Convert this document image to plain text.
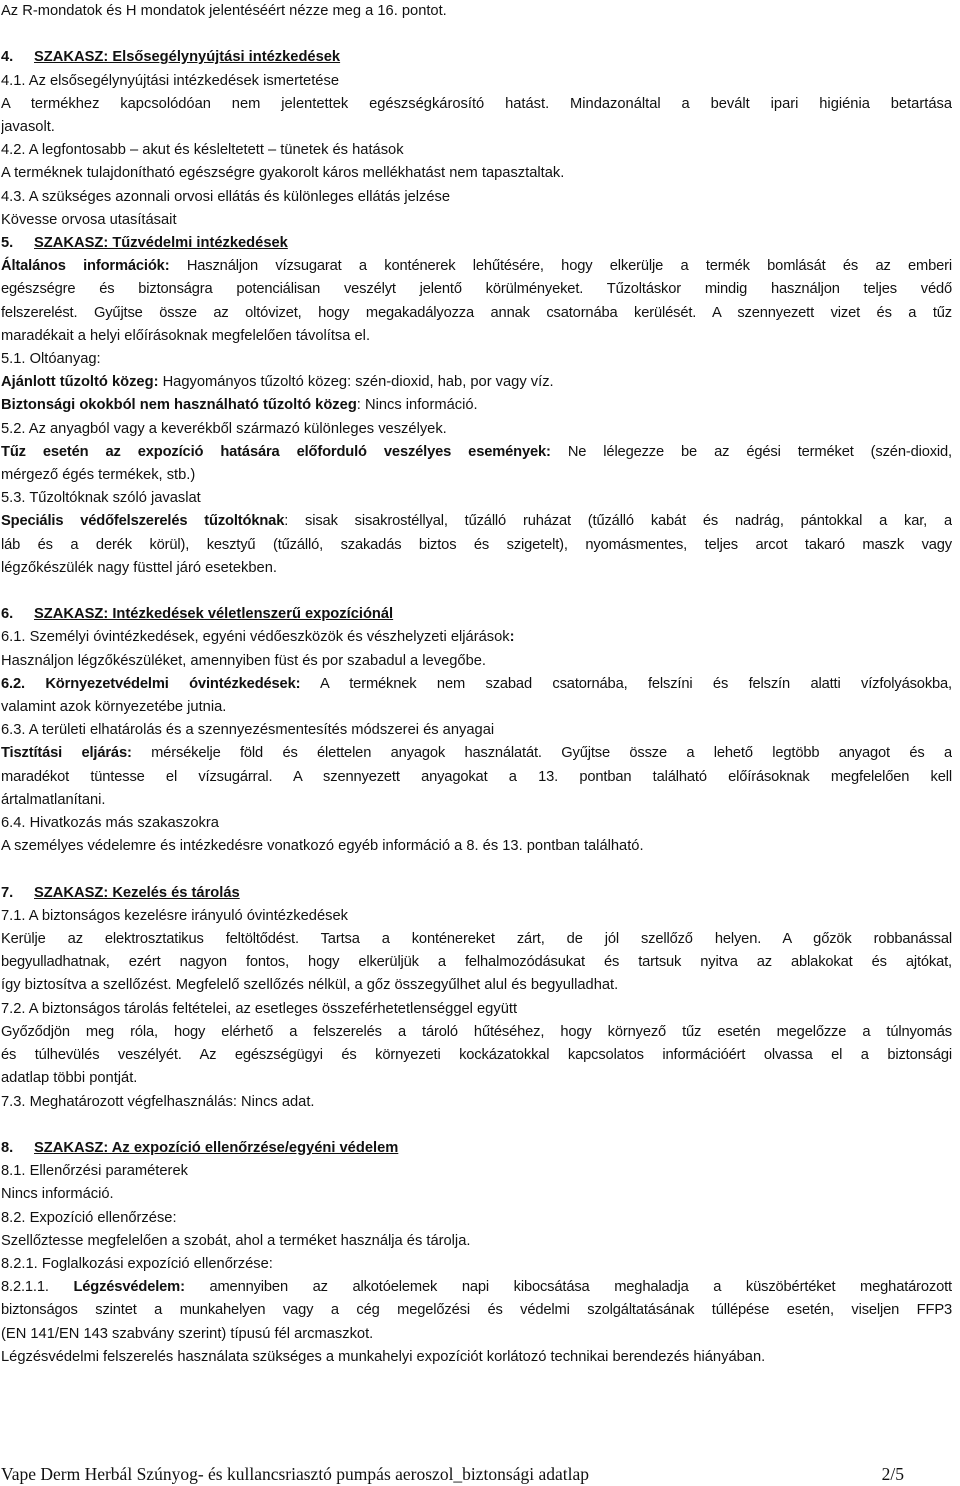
Az R-mondatok és H mondatok jelentéséért nézze meg a 16. pontot.
4. SZAKASZ: Elsősegélynyújtási intézkedések
4.1. Az elsősegélynyújtási intézkedések ismertetése
A termékhez kapcsolódóan nem jelentettek egészségkárosító hatást. Mindazonáltal a bevált ipari higiénia betartása
javasolt.
4.2. A legfontosabb – akut és késleltetett – tünetek és hatások
A terméknek tulajdonítható egészségre gyakorolt káros mellékhatást nem tapasztaltak.
4.3. A szükséges azonnali orvosi ellátás és különleges ellátás jelzése
Kövesse orvosa utasításait
5. SZAKASZ: Tűzvédelmi intézkedések
Általános információk: Használjon vízsugarat a konténerek lehűtésére, hogy elkerülje a termék bomlását és az emberi
egészségre és biztonságra potenciálisan veszélyt jelentő körülményeket. Tűzoltáskor mindig használjon teljes védő
felszerelést. Gyűjtse össze az oltóvizet, hogy megakadályozza annak csatornába kerülését. A szennyezett vizet és a tűz
maradékait a helyi előírásoknak megfelelően távolítsa el.
5.1. Oltóanyag:
Ajánlott tűzoltó közeg: Hagyományos tűzoltó közeg: szén-dioxid, hab, por vagy víz.
Biztonsági okokból nem használható tűzoltó közeg: Nincs információ.
5.2. Az anyagból vagy a keverékből származó különleges veszélyek.
Tűz esetén az expozíció hatására előforduló veszélyes események: Ne lélegezze be az égési terméket (szén-dioxid,
mérgező égés termékek, stb.)
5.3. Tűzoltóknak szóló javaslat
Speciális védőfelszerelés tűzoltóknak: sisak sisakrostéllyal, tűzálló ruházat (tűzálló kabát és nadrág, pántokkal a kar, a
láb és a derék körül), kesztyű (tűzálló, szakadás biztos és szigetelt), nyomásmentes, teljes arcot takaró maszk vagy
légzőkészülék nagy füsttel járó esetekben.
6. SZAKASZ: Intézkedések véletlenszerű expozíciónál
6.1. Személyi óvintézkedések, egyéni védőeszközök és vészhelyzeti eljárások:
Használjon légzőkészüléket, amennyiben füst és por szabadul a levegőbe.
6.2. Környezetvédelmi óvintézkedések: A terméknek nem szabad csatornába, felszíni és felszín alatti vízfolyásokba,
valamint azok környezetébe jutnia.
6.3. A területi elhatárolás és a szennyezésmentesítés módszerei és anyagai
Tisztítási eljárás: mérsékelje föld és élettelen anyagok használatát. Gyűjtse össze a lehető legtöbb anyagot és a
maradékot tüntesse el vízsugárral. A szennyezett anyagokat a 13. pontban található előírásoknak megfelelően kell
ártalmatlanítani.
6.4. Hivatkozás más szakaszokra
A személyes védelemre és intézkedésre vonatkozó egyéb információ a 8. és 13. pontban található.
7. SZAKASZ: Kezelés és tárolás
7.1. A biztonságos kezelésre irányuló óvintézkedések
Kerülje az elektrosztatikus feltöltődést. Tartsa a konténereket zárt, de jól szellőző helyen. A gőzök robbanással
begyulladhatnak, ezért nagyon fontos, hogy elkerüljük a felhalmozódásukat és tartsuk nyitva az ablakokat és ajtókat,
így biztosítva a szellőzést. Megfelelő szellőzés nélkül, a gőz összegyűlhet alul és begyulladhat.
7.2. A biztonságos tárolás feltételei, az esetleges összeférhetetlenséggel együtt
Győződjön meg róla, hogy elérhető a felszerelés a tároló hűtéséhez, hogy környező tűz esetén megelőzze a túlnyomás
és túlhevülés veszélyét. Az egészségügyi és környezeti kockázatokkal kapcsolatos információért olvassa el a biztonsági
adatlap többi pontját.
7.3. Meghatározott végfelhasználás: Nincs adat.
8. SZAKASZ: Az expozíció ellenőrzése/egyéni védelem
8.1. Ellenőrzési paraméterek
Nincs információ.
8.2. Expozíció ellenőrzése:
Szellőztesse megfelelően a szobát, ahol a terméket használja és tárolja.
8.2.1. Foglalkozási expozíció ellenőrzése:
8.2.1.1. Légzésvédelem: amennyiben az alkotóelemek napi kibocsátása meghaladja a küszöbértéket meghatározott
biztonságos szintet a munkahelyen vagy a cég megelőzési és védelmi szolgáltatásának túllépése esetén, viseljen FFP3
(EN 141/EN 143 szabvány szerint) típusú fél arcmaszkot.
Légzésvédelmi felszerelés használata szükséges a munkahelyi expozíciót korlátozó technikai berendezés hiányában.
Vape Derm Herbál Szúnyog- és kullancsriasztó pumpás aeroszol_biztonsági adatlap	2/5
